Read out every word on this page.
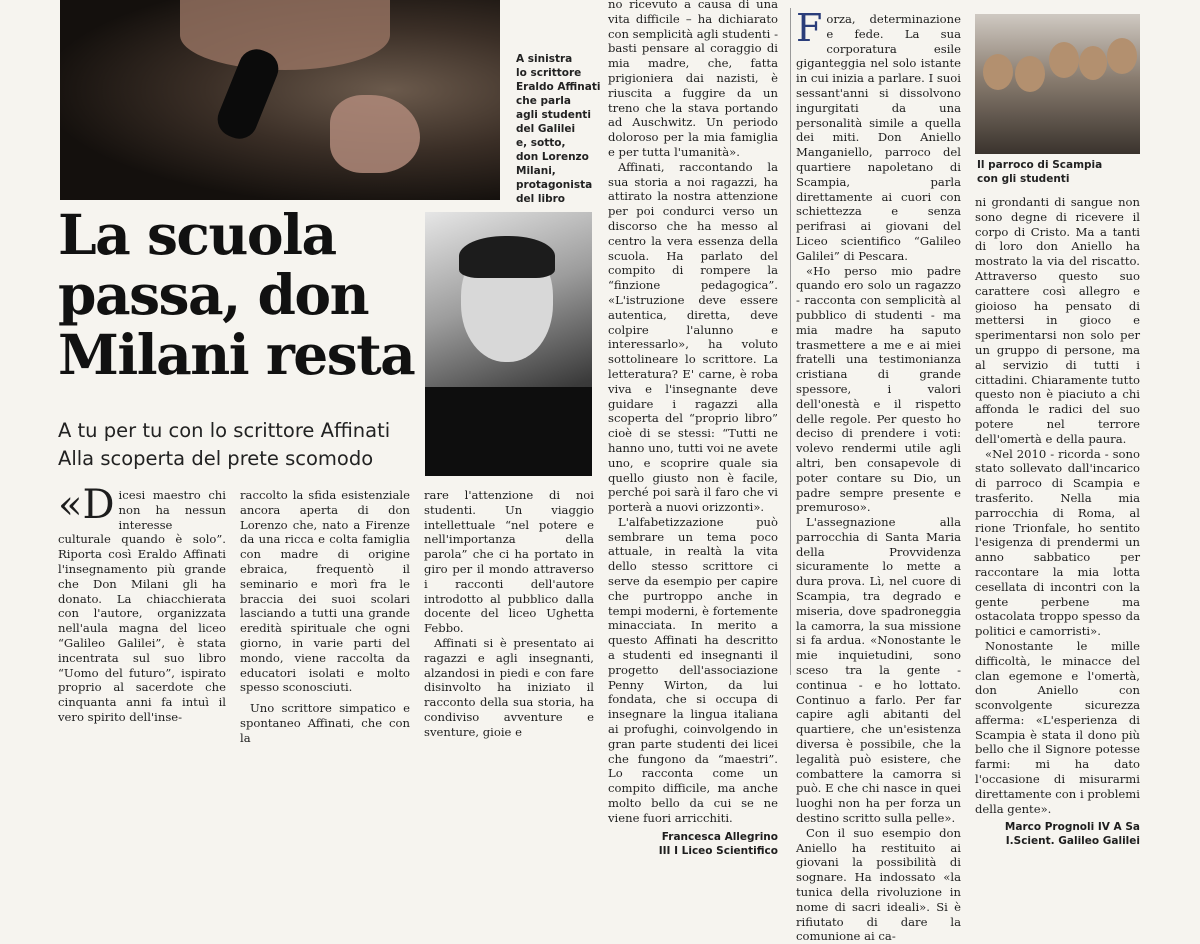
A sinistra
lo scrittore
Eraldo Affinati
che parla
agli studenti
del Galilei
e, sotto,
don Lorenzo
Milani,
protagonista
del libro
La scuola
passa, don
Milani resta
A tu per tu con lo scrittore Affinati
Alla scoperta del prete scomodo
Il parroco di Scampia
con gli studenti

«Dicesi maestro chi non ha nessun interesse culturale quando è solo”. Riporta così Eraldo Affinati l'insegnamento più grande che Don Milani gli ha donato. La chiacchierata con l'autore, organizzata nell'aula magna del liceo “Galileo Galilei”, è stata incentrata sul suo libro “Uomo del futuro”, ispirato proprio al sacerdote che cinquanta anni fa intuì il vero spirito dell'inse-

raccolto la sfida esistenziale ancora aperta di don Lorenzo che, nato a Firenze da una ricca e colta famiglia con madre di origine ebraica, frequentò il seminario e morì fra le braccia dei suoi scolari lasciando a tutti una grande eredità spirituale che ogni giorno, in varie parti del mondo, viene raccolta da educatori isolati e molto spesso sconosciuti.

Uno scrittore simpatico e spontaneo Affinati, che con la

rare l'attenzione di noi studenti. Un viaggio intellettuale “nel potere e nell'importanza della parola” che ci ha portato in giro per il mondo attraverso i racconti dell'autore introdotto al pubblico dalla docente del liceo Ughetta Febbo.

Affinati si è presentato ai ragazzi e agli insegnanti, alzandosi in piedi e con fare disinvolto ha iniziato il racconto della sua storia, ha condiviso avventure e sventure, gioie e

no ricevuto a causa di una vita difficile – ha dichiarato con semplicità agli studenti - basti pensare al coraggio di mia madre, che, fatta prigioniera dai nazisti, è riuscita a fuggire da un treno che la stava portando ad Auschwitz. Un periodo doloroso per la mia famiglia e per tutta l'umanità».

Affinati, raccontando la sua storia a noi ragazzi, ha attirato la nostra attenzione per poi condurci verso un discorso che ha messo al centro la vera essenza della scuola. Ha parlato del compito di rompere la “finzione pedagogica”. «L'istruzione deve essere autentica, diretta, deve colpire l'alunno e interessarlo», ha voluto sottolineare lo scrittore. La letteratura? E' carne, è roba viva e l'insegnante deve guidare i ragazzi alla scoperta del “proprio libro” cioè di se stessi: “Tutti ne hanno uno, tutti voi ne avete uno, e scoprire quale sia quello giusto non è facile, perché poi sarà il faro che vi porterà a nuovi orizzonti».

L'alfabetizzazione può sembrare un tema poco attuale, in realtà la vita dello stesso scrittore ci serve da esempio per capire che purtroppo anche in tempi moderni, è fortemente minacciata. In merito a questo Affinati ha descritto a studenti ed insegnanti il progetto dell'associazione Penny Wirton, da lui fondata, che si occupa di insegnare la lingua italiana ai profughi, coinvolgendo in gran parte studenti dei licei che fungono da “maestri”. Lo racconta come un compito difficile, ma anche molto bello da cui se ne viene fuori arricchiti.

Francesca Allegrino
III I Liceo Scientifico

Forza, determinazione e fede. La sua corporatura esile giganteggia nel solo istante in cui inizia a parlare. I suoi sessant'anni si dissolvono ingurgitati da una personalità simile a quella dei miti. Don Aniello Manganiello, parroco del quartiere napoletano di Scampia, parla direttamente ai cuori con schiettezza e senza perifrasi ai giovani del Liceo scientifico “Galileo Galilei” di Pescara.

«Ho perso mio padre quando ero solo un ragazzo - racconta con semplicità al pubblico di studenti - ma mia madre ha saputo trasmettere a me e ai miei fratelli una testimonianza cristiana di grande spessore, i valori dell'onestà e il rispetto delle regole. Per questo ho deciso di prendere i voti: volevo rendermi utile agli altri, ben consapevole di poter contare su Dio, un padre sempre presente e premuroso».

L'assegnazione alla parrocchia di Santa Maria della Provvidenza sicuramente lo mette a dura prova. Lì, nel cuore di Scampia, tra degrado e miseria, dove spadroneggia la camorra, la sua missione si fa ardua. «Nonostante le mie inquietudini, sono sceso tra la gente - continua - e ho lottato. Continuo a farlo. Per far capire agli abitanti del quartiere, che un'esistenza diversa è possibile, che la legalità può esistere, che combattere la camorra si può. E che chi nasce in quei luoghi non ha per forza un destino scritto sulla pelle».

Con il suo esempio don Aniello ha restituito ai giovani la possibilità di sognare. Ha indossato «la tunica della rivoluzione in nome di sacri ideali». Si è rifiutato di dare la comunione ai ca-

ni grondanti di sangue non sono degne di ricevere il corpo di Cristo. Ma a tanti di loro don Aniello ha mostrato la via del riscatto. Attraverso questo suo carattere così allegro e gioioso ha pensato di mettersi in gioco e sperimentarsi non solo per un gruppo di persone, ma al servizio di tutti i cittadini. Chiaramente tutto questo non è piaciuto a chi affonda le radici del suo potere nel terrore dell'omertà e della paura.

«Nel 2010 - ricorda - sono stato sollevato dall'incarico di parroco di Scampia e trasferito. Nella mia parrocchia di Roma, al rione Trionfale, ho sentito l'esigenza di prendermi un anno sabbatico per raccontare la mia lotta cesellata di incontri con la gente perbene ma ostacolata troppo spesso da politici e camorristi».

Nonostante le mille difficoltà, le minacce del clan egemone e l'omertà, don Aniello con sconvolgente sicurezza afferma: «L'esperienza di Scampia è stata il dono più bello che il Signore potesse farmi: mi ha dato l'occasione di misurarmi direttamente con i problemi della gente».

Marco Prognoli IV A Sa
I.Scient. Galileo Galilei
